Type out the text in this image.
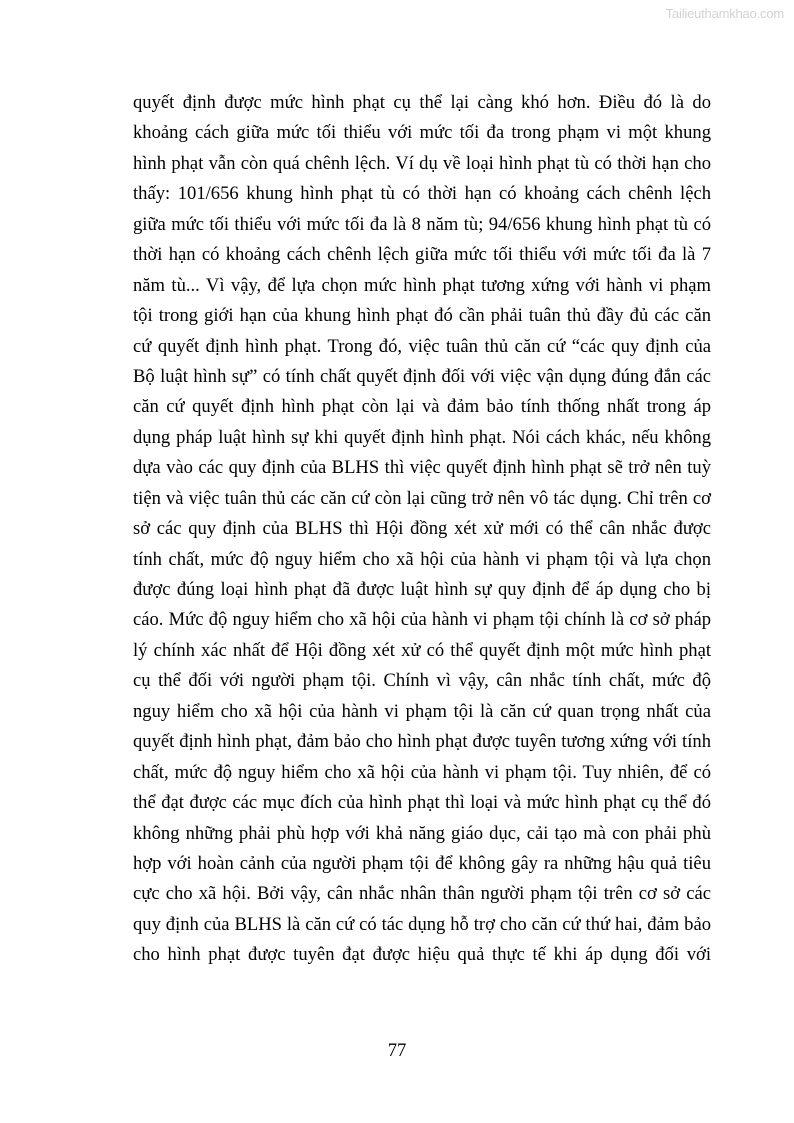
Tailieuthamkhao.com
quyết định được mức hình phạt cụ thể lại càng khó hơn. Điều đó là do
khoảng cách giữa mức tối thiểu với mức tối đa trong phạm vi một khung
hình phạt vẫn còn quá chênh lệch. Ví dụ về loại hình phạt tù có thời hạn cho
thấy: 101/656 khung hình phạt tù có thời hạn có khoảng cách chênh lệch
giữa mức tối thiểu với mức tối đa là 8 năm tù; 94/656 khung hình phạt tù có
thời hạn có khoảng cách chênh lệch giữa mức tối thiểu với mức tối đa là 7
năm tù... Vì vậy, để lựa chọn mức hình phạt tương xứng với hành vi phạm
tội trong giới hạn của khung hình phạt đó cần phải tuân thủ đầy đủ các căn
cứ quyết định hình phạt. Trong đó, việc tuân thủ căn cứ “các quy định của
Bộ luật hình sự” có tính chất quyết định đối với việc vận dụng đúng đắn các
căn cứ quyết định hình phạt còn lại và đảm bảo tính thống nhất trong áp
dụng pháp luật hình sự khi quyết định hình phạt. Nói cách khác, nếu không
dựa vào các quy định của BLHS thì việc quyết định hình phạt sẽ trở nên tuỳ
tiện và việc tuân thủ các căn cứ còn lại cũng trở nên vô tác dụng. Chỉ trên cơ
sở các quy định của BLHS thì Hội đồng xét xử mới có thể cân nhắc được
tính chất, mức độ nguy hiểm cho xã hội của hành vi phạm tội và lựa chọn
được đúng loại hình phạt đã được luật hình sự quy định để áp dụng cho bị
cáo. Mức độ nguy hiểm cho xã hội của hành vi phạm tội chính là cơ sở pháp
lý chính xác nhất để Hội đồng xét xử có thể quyết định một mức hình phạt
cụ thể đối với người phạm tội. Chính vì vậy, cân nhắc tính chất, mức độ
nguy hiểm cho xã hội của hành vi phạm tội là căn cứ quan trọng nhất của
quyết định hình phạt, đảm bảo cho hình phạt được tuyên tương xứng với tính
chất, mức độ nguy hiểm cho xã hội của hành vi phạm tội. Tuy nhiên, để có
thể đạt được các mục đích của hình phạt thì loại và mức hình phạt cụ thể đó
không những phải phù hợp với khả năng giáo dục, cải tạo mà con phải phù
hợp với hoàn cảnh của người phạm tội để không gây ra những hậu quả tiêu
cực cho xã hội. Bởi vậy, cân nhắc nhân thân người phạm tội trên cơ sở các
quy định của BLHS là căn cứ có tác dụng hỗ trợ cho căn cứ thứ hai, đảm bảo
cho hình phạt được tuyên đạt được hiệu quả thực tế khi áp dụng đối với
77
